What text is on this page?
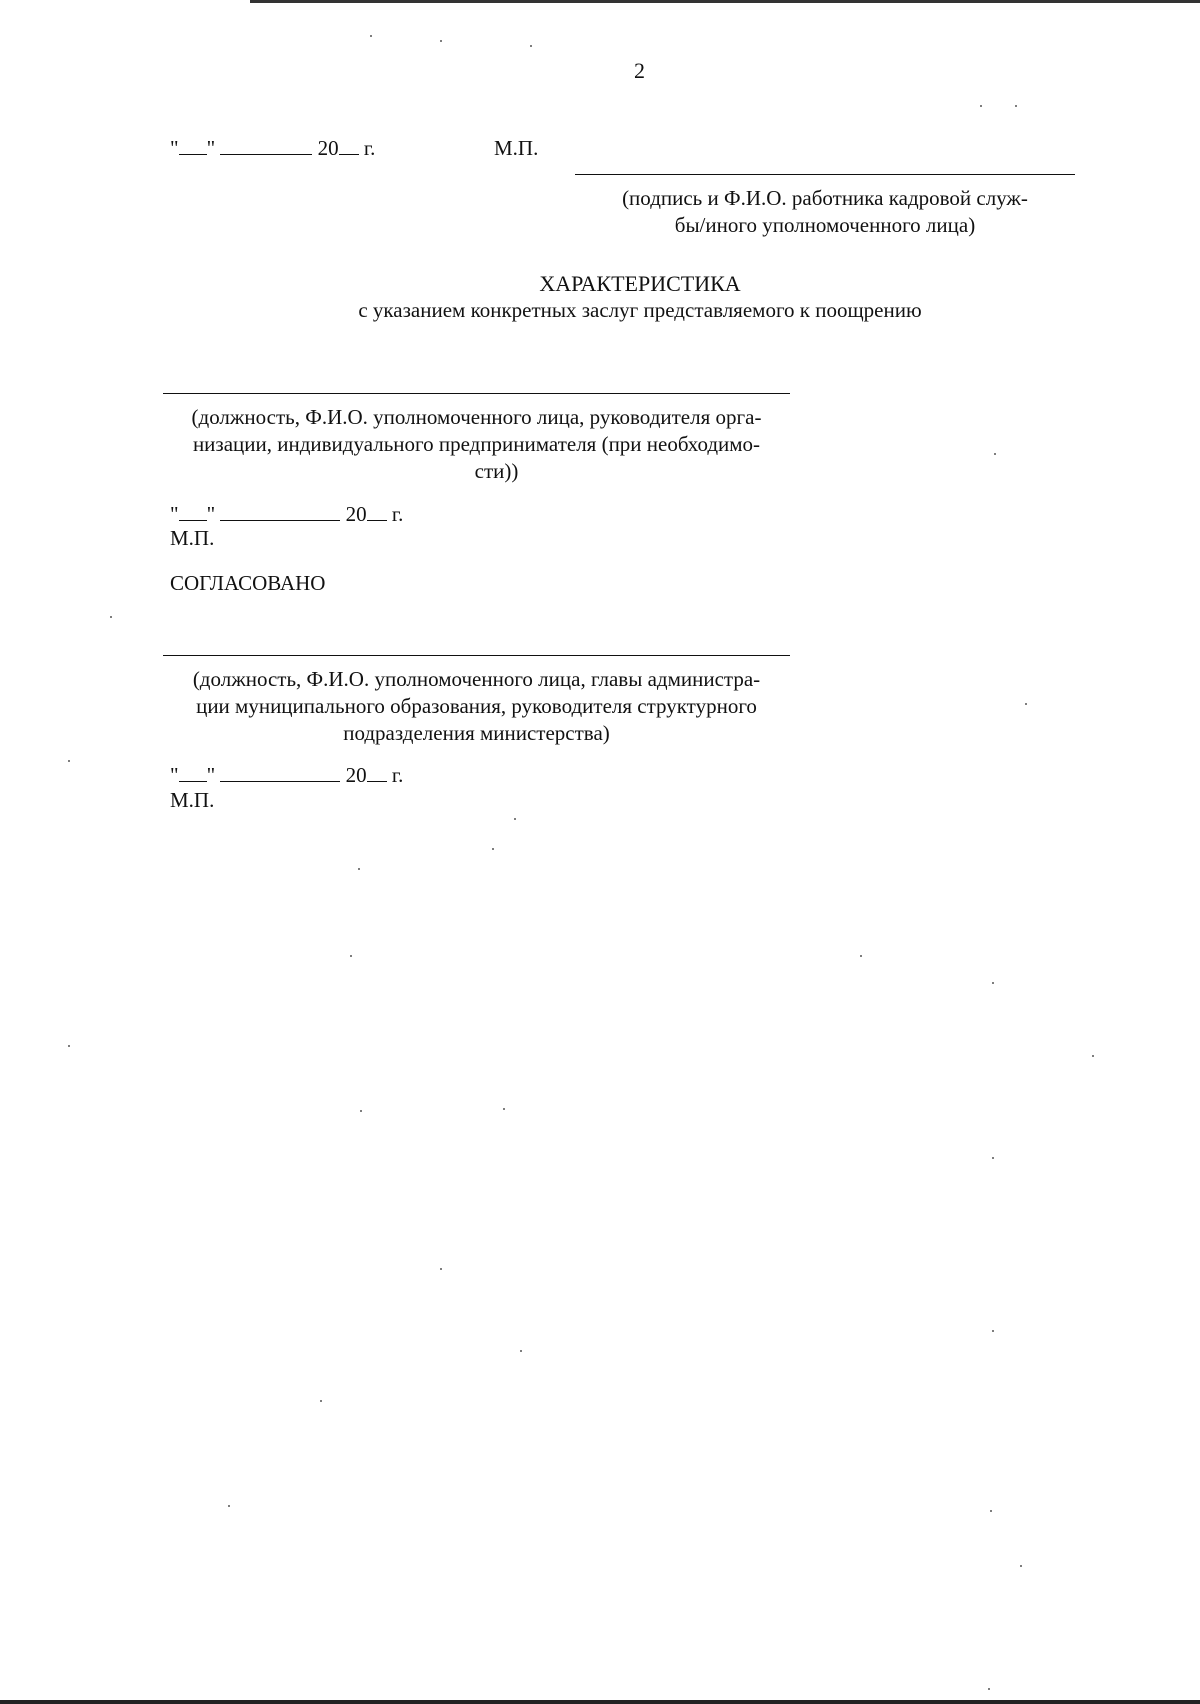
2
" "	20 г.	М.П.
(подпись и Ф.И.О. работника кадровой служ-
бы/иного уполномоченного лица)
ХАРАКТЕРИСТИКА
с указанием конкретных заслуг представляемого к поощрению
(должность, Ф.И.О. уполномоченного лица, руководителя орга-
низации, индивидуального предпринимателя (при необходимо-
сти))
" "	20 г.
М.П.
СОГЛАСОВАНО
(должность, Ф.И.О. уполномоченного лица, главы администра-
ции муниципального образования, руководителя структурного
подразделения министерства)
" "	20 г.
М.П.
